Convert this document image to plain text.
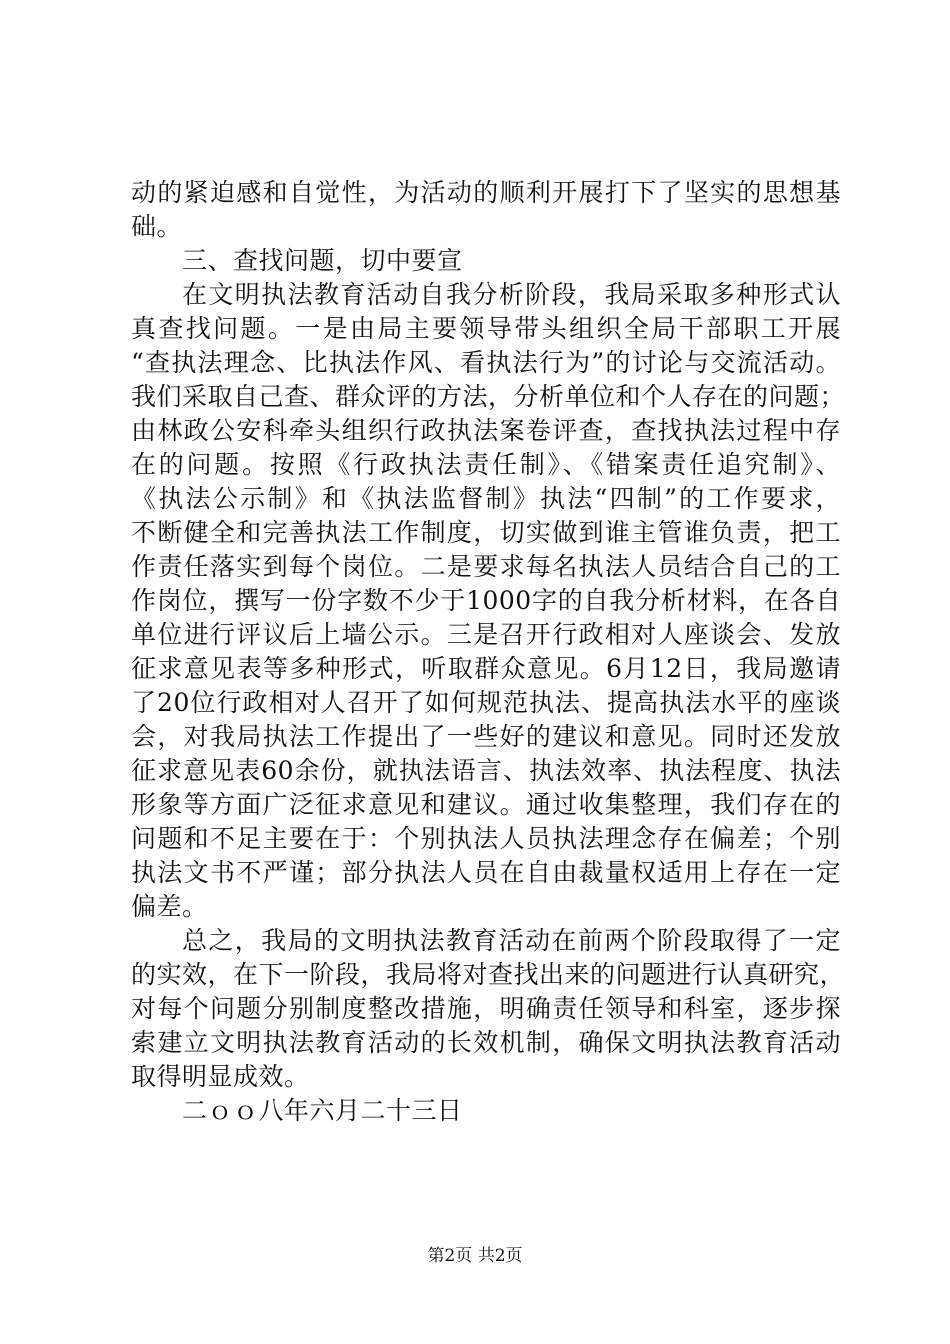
动的紧迫感和自觉性，为活动的顺利开展打下了坚实的思想基
础。
三、查找问题，切中要宣
在文明执法教育活动自我分析阶段，我局采取多种形式认
真查找问题。一是由局主要领导带头组织全局干部职工开展
“查执法理念、比执法作风、看执法行为”的讨论与交流活动。
我们采取自己查、群众评的方法，分析单位和个人存在的问题；
由林政公安科牵头组织行政执法案卷评查，查找执法过程中存
在的问题。按照《行政执法责任制》、《错案责任追究制》、
《执法公示制》和《执法监督制》执法“四制”的工作要求，
不断健全和完善执法工作制度，切实做到谁主管谁负责，把工
作责任落实到每个岗位。二是要求每名执法人员结合自己的工
作岗位，撰写一份字数不少于1000字的自我分析材料，在各自
单位进行评议后上墙公示。三是召开行政相对人座谈会、发放
征求意见表等多种形式，听取群众意见。6月12日，我局邀请
了20位行政相对人召开了如何规范执法、提高执法水平的座谈
会，对我局执法工作提出了一些好的建议和意见。同时还发放
征求意见表60余份，就执法语言、执法效率、执法程度、执法
形象等方面广泛征求意见和建议。通过收集整理，我们存在的
问题和不足主要在于：个别执法人员执法理念存在偏差；个别
执法文书不严谨；部分执法人员在自由裁量权适用上存在一定
偏差。
总之，我局的文明执法教育活动在前两个阶段取得了一定
的实效，在下一阶段，我局将对查找出来的问题进行认真研究，
对每个问题分别制度整改措施，明确责任领导和科室，逐步探
索建立文明执法教育活动的长效机制，确保文明执法教育活动
取得明显成效。
二ｏｏ八年六月二十三日
第2页 共2页
